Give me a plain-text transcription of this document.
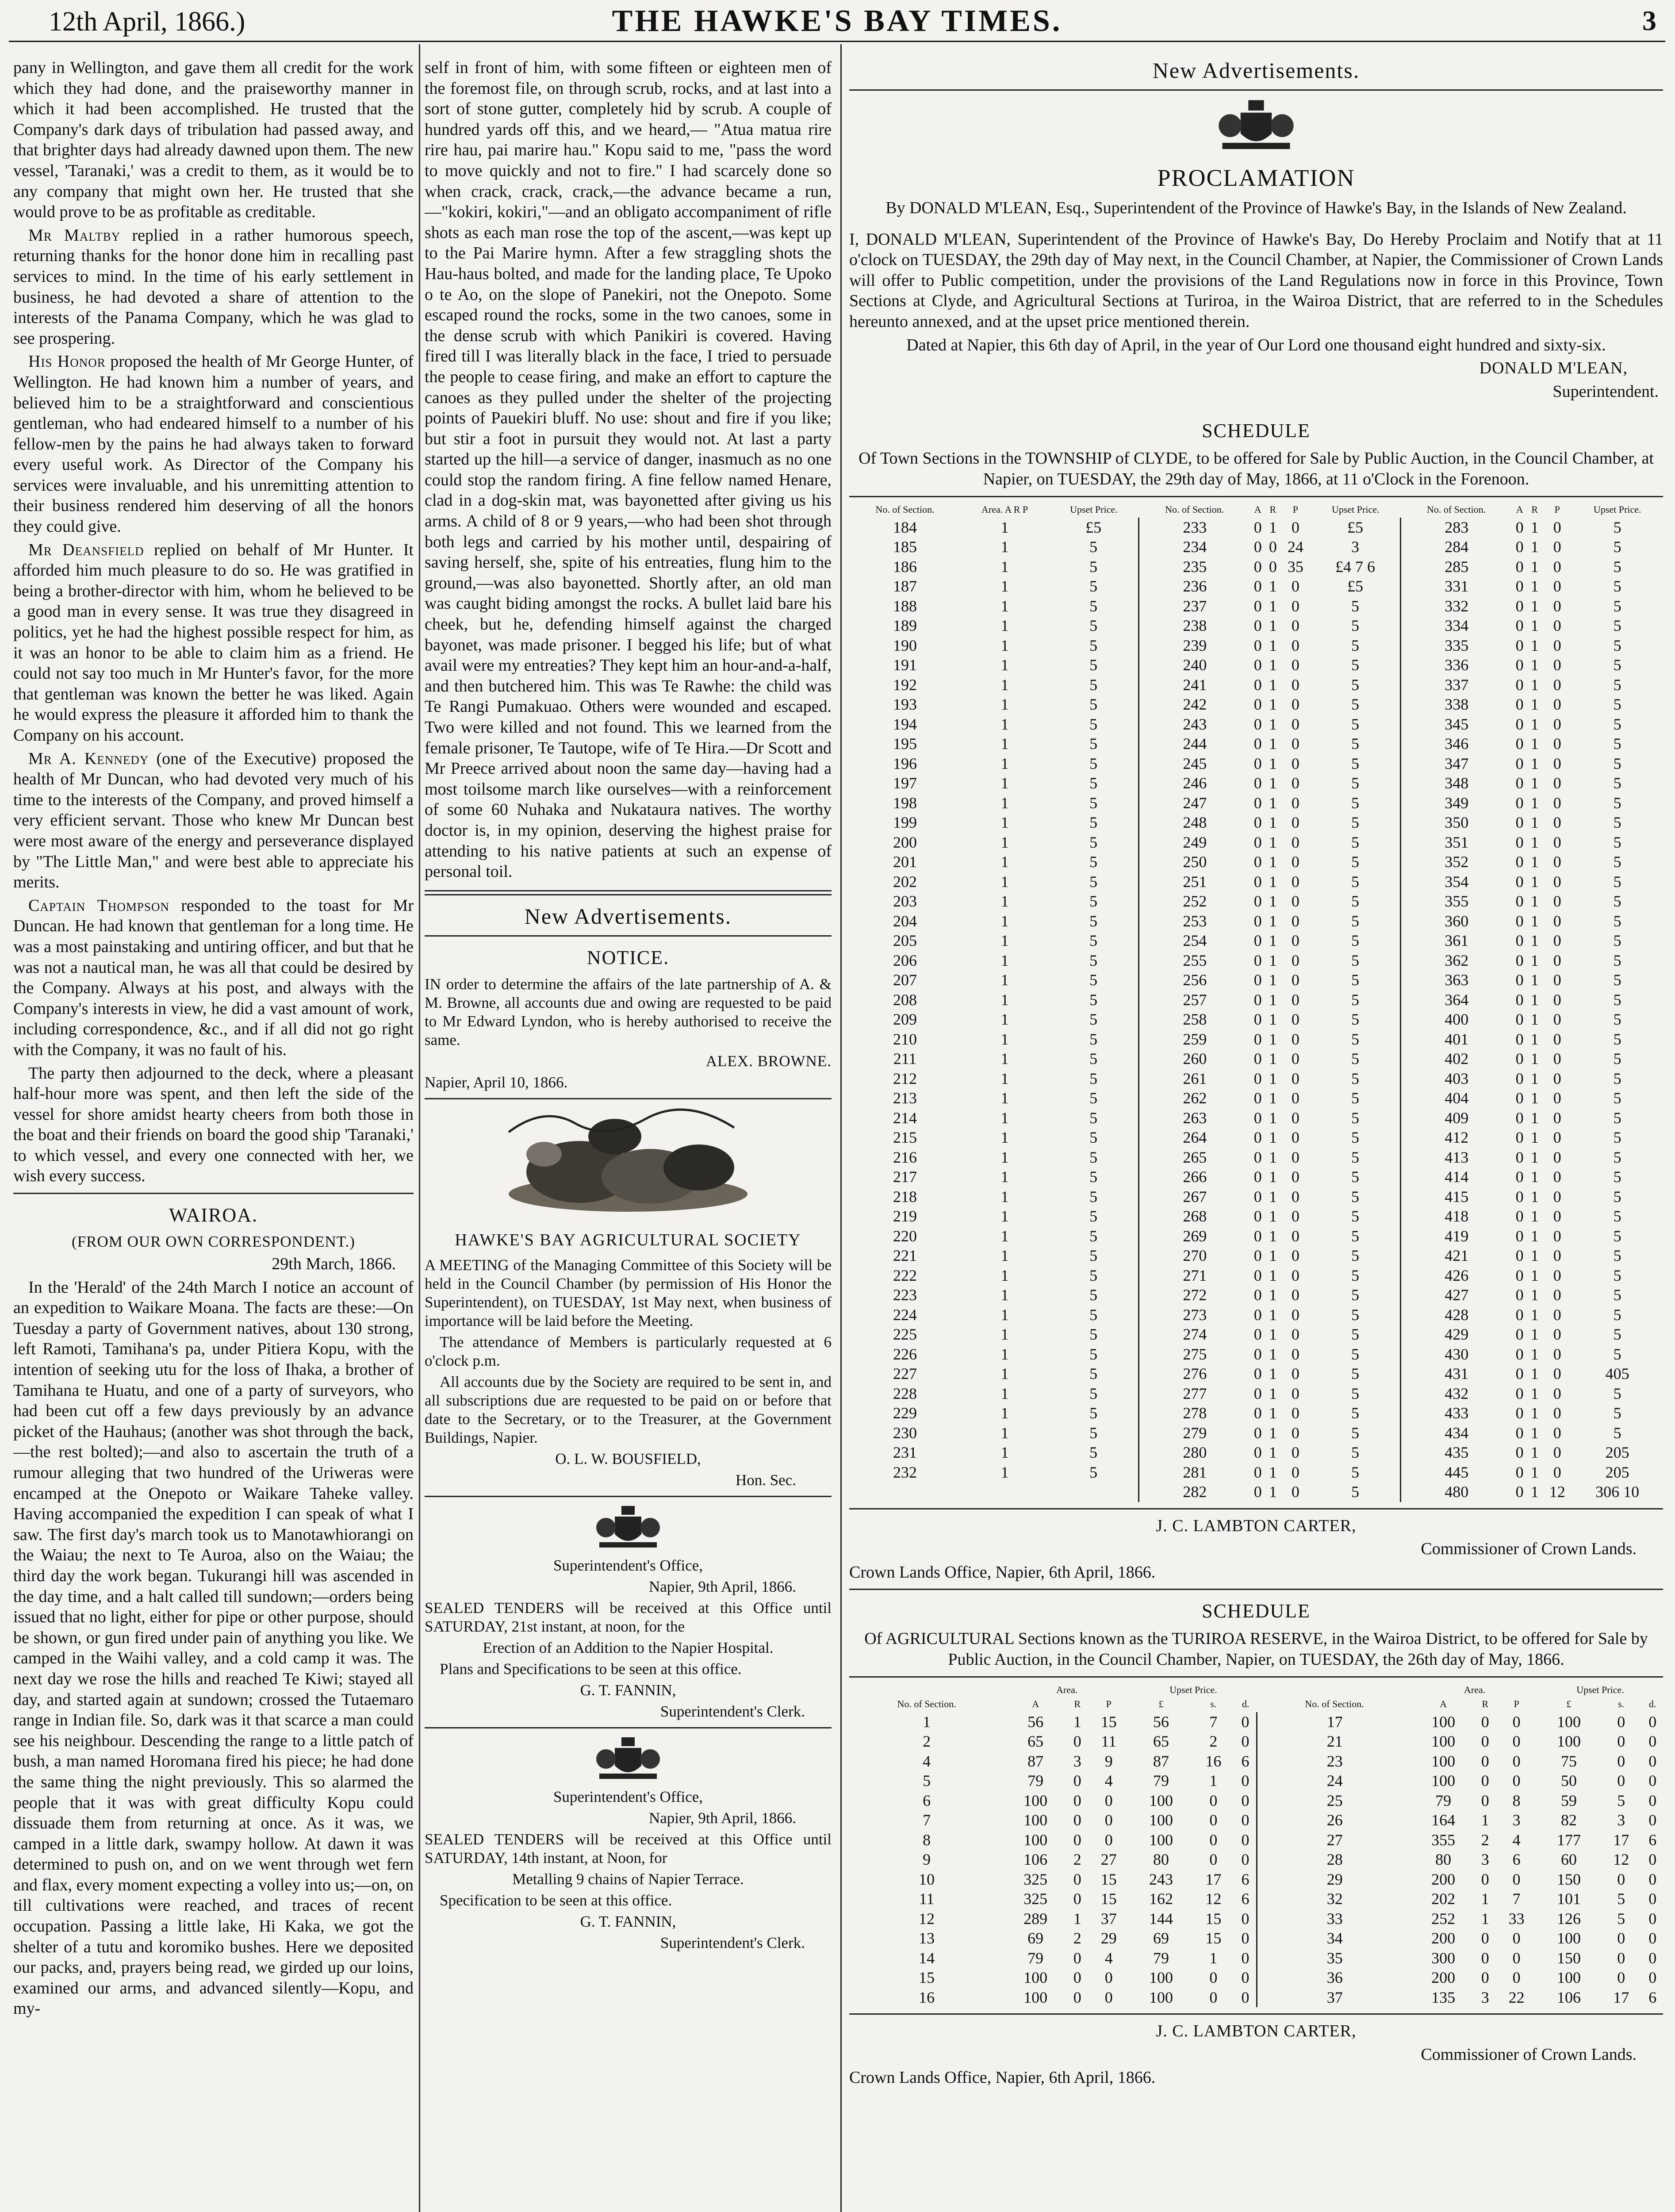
12th April, 1866.)	THE HAWKE'S BAY TIMES.	3

pany in Wellington, and gave them all credit for the work which they had done, and the praiseworthy manner in which it had been accomplished. He trusted that the Company's dark days of tribulation had passed away, and that brighter days had already dawned upon them. The new vessel, 'Taranaki,' was a credit to them, as it would be to any company that might own her. He trusted that she would prove to be as profitable as creditable.

Mr Maltby replied in a rather humorous speech, returning thanks for the honor done him in recalling past services to mind. In the time of his early settlement in business, he had devoted a share of attention to the interests of the Panama Company, which he was glad to see prospering.

His Honor proposed the health of Mr George Hunter, of Wellington. He had known him a number of years, and believed him to be a straightforward and conscientious gentleman, who had endeared himself to a number of his fellow-men by the pains he had always taken to forward every useful work. As Director of the Company his services were invaluable, and his unremitting attention to their business rendered him deserving of all the honors they could give.

Mr Deansfield replied on behalf of Mr Hunter. It afforded him much pleasure to do so. He was gratified in being a brother-director with him, whom he believed to be a good man in every sense. It was true they disagreed in politics, yet he had the highest possible respect for him, as it was an honor to be able to claim him as a friend. He could not say too much in Mr Hunter's favor, for the more that gentleman was known the better he was liked. Again he would express the pleasure it afforded him to thank the Company on his account.

Mr A. Kennedy (one of the Executive) proposed the health of Mr Duncan, who had devoted very much of his time to the interests of the Company, and proved himself a very efficient servant. Those who knew Mr Duncan best were most aware of the energy and perseverance displayed by "The Little Man," and were best able to appreciate his merits.

Captain Thompson responded to the toast for Mr Duncan. He had known that gentleman for a long time. He was a most painstaking and untiring officer, and but that he was not a nautical man, he was all that could be desired by the Company. Always at his post, and always with the Company's interests in view, he did a vast amount of work, including correspondence, &c., and if all did not go right with the Company, it was no fault of his.

The party then adjourned to the deck, where a pleasant half-hour more was spent, and then left the side of the vessel for shore amidst hearty cheers from both those in the boat and their friends on board the good ship 'Taranaki,' to which vessel, and every one connected with her, we wish every success.

WAIROA.

(FROM OUR OWN CORRESPONDENT.)

29th March, 1866.

In the 'Herald' of the 24th March I notice an account of an expedition to Waikare Moana. The facts are these:—On Tuesday a party of Government natives, about 130 strong, left Ramoti, Tamihana's pa, under Pitiera Kopu, with the intention of seeking utu for the loss of Ihaka, a brother of Tamihana te Huatu, and one of a party of surveyors, who had been cut off a few days previously by an advance picket of the Hauhaus; (another was shot through the back,—the rest bolted);—and also to ascertain the truth of a rumour alleging that two hundred of the Uriweras were encamped at the Onepoto or Waikare Taheke valley. Having accompanied the expedition I can speak of what I saw. The first day's march took us to Manotawhiorangi on the Waiau; the next to Te Auroa, also on the Waiau; the third day the work began. Tukurangi hill was ascended in the day time, and a halt called till sundown;—orders being issued that no light, either for pipe or other purpose, should be shown, or gun fired under pain of anything you like. We camped in the Waihi valley, and a cold camp it was. The next day we rose the hills and reached Te Kiwi; stayed all day, and started again at sundown; crossed the Tutaemaro range in Indian file. So, dark was it that scarce a man could see his neighbour. Descending the range to a little patch of bush, a man named Horomana fired his piece; he had done the same thing the night previously. This so alarmed the people that it was with great difficulty Kopu could dissuade them from returning at once. As it was, we camped in a little dark, swampy hollow. At dawn it was determined to push on, and on we went through wet fern and flax, every moment expecting a volley into us;—on, on till cultivations were reached, and traces of recent occupation. Passing a little lake, Hi Kaka, we got the shelter of a tutu and koromiko bushes. Here we deposited our packs, and, prayers being read, we girded up our loins, examined our arms, and advanced silently—Kopu, and my-

self in front of him, with some fifteen or eighteen men of the foremost file, on through scrub, rocks, and at last into a sort of stone gutter, completely hid by scrub. A couple of hundred yards off this, and we heard,— "Atua matua rire rire hau, pai marire hau." Kopu said to me, "pass the word to move quickly and not to fire." I had scarcely done so when crack, crack, crack,—the advance became a run,—"kokiri, kokiri,"—and an obligato accompaniment of rifle shots as each man rose the top of the ascent,—was kept up to the Pai Marire hymn. After a few straggling shots the Hau-haus bolted, and made for the landing place, Te Upoko o te Ao, on the slope of Panekiri, not the Onepoto. Some escaped round the rocks, some in the two canoes, some in the dense scrub with which Panikiri is covered. Having fired till I was literally black in the face, I tried to persuade the people to cease firing, and make an effort to capture the canoes as they pulled under the shelter of the projecting points of Pauekiri bluff. No use: shout and fire if you like; but stir a foot in pursuit they would not. At last a party started up the hill—a service of danger, inasmuch as no one could stop the random firing. A fine fellow named Henare, clad in a dog-skin mat, was bayonetted after giving us his arms. A child of 8 or 9 years,—who had been shot through both legs and carried by his mother until, despairing of saving herself, she, spite of his entreaties, flung him to the ground,—was also bayonetted. Shortly after, an old man was caught biding amongst the rocks. A bullet laid bare his cheek, but he, defending himself against the charged bayonet, was made prisoner. I begged his life; but of what avail were my entreaties? They kept him an hour-and-a-half, and then butchered him. This was Te Rawhe: the child was Te Rangi Pumakuao. Others were wounded and escaped. Two were killed and not found. This we learned from the female prisoner, Te Tautope, wife of Te Hira.—Dr Scott and Mr Preece arrived about noon the same day—having had a most toilsome march like ourselves—with a reinforcement of some 60 Nuhaka and Nukataura natives. The worthy doctor is, in my opinion, deserving the highest praise for attending to his native patients at such an expense of personal toil.

New Advertisements.
NOTICE.

IN order to determine the affairs of the late partnership of A. & M. Browne, all accounts due and owing are requested to be paid to Mr Edward Lyndon, who is hereby authorised to receive the same.

ALEX. BROWNE.

Napier, April 10, 1866.

HAWKE'S BAY AGRICULTURAL SOCIETY

A MEETING of the Managing Committee of this Society will be held in the Council Chamber (by permission of His Honor the Superintendent), on TUESDAY, 1st May next, when business of importance will be laid before the Meeting.

The attendance of Members is particularly requested at 6 o'clock p.m.

All accounts due by the Society are required to be sent in, and all subscriptions due are requested to be paid on or before that date to the Secretary, or to the Treasurer, at the Government Buildings, Napier.

O. L. W. BOUSFIELD,

Hon. Sec.

Superintendent's Office,

Napier, 9th April, 1866.

SEALED TENDERS will be received at this Office until SATURDAY, 21st instant, at noon, for the

Erection of an Addition to the Napier Hospital.

Plans and Specifications to be seen at this office.

G. T. FANNIN,

Superintendent's Clerk.

Superintendent's Office,

Napier, 9th April, 1866.

SEALED TENDERS will be received at this Office until SATURDAY, 14th instant, at Noon, for

Metalling 9 chains of Napier Terrace.

Specification to be seen at this office.

G. T. FANNIN,

Superintendent's Clerk.

New Advertisements.
PROCLAMATION

By DONALD M'LEAN, Esq., Superintendent of the Province of Hawke's Bay, in the Islands of New Zealand.

I, DONALD M'LEAN, Superintendent of the Province of Hawke's Bay, Do Hereby Proclaim and Notify that at 11 o'clock on TUESDAY, the 29th day of May next, in the Council Chamber, at Napier, the Commissioner of Crown Lands will offer to Public competition, under the provisions of the Land Regulations now in force in this Province, Town Sections at Clyde, and Agricultural Sections at Turiroa, in the Wairoa District, that are referred to in the Schedules hereunto annexed, and at the upset price mentioned therein.

Dated at Napier, this 6th day of April, in the year of Our Lord one thousand eight hundred and sixty-six.

DONALD M'LEAN,

Superintendent.

SCHEDULE

Of Town Sections in the TOWNSHIP of CLYDE, to be offered for Sale by Public Auction, in the Council Chamber, at Napier, on TUESDAY, the 29th day of May, 1866, at 11 o'Clock in the Forenoon.

No. of Section.	Area. A R P	Upset Price.	No. of Section.	A	R	P	Upset Price.	No. of Section.	A	R	P	Upset Price.
184	1	£5	233	0	1	0	£5	283	0	1	0	5
185	1	5	234	0	0	24	3	284	0	1	0	5
186	1	5	235	0	0	35	£4 7 6	285	0	1	0	5
187	1	5	236	0	1	0	£5	331	0	1	0	5
188	1	5	237	0	1	0	5	332	0	1	0	5
189	1	5	238	0	1	0	5	334	0	1	0	5
190	1	5	239	0	1	0	5	335	0	1	0	5
191	1	5	240	0	1	0	5	336	0	1	0	5
192	1	5	241	0	1	0	5	337	0	1	0	5
193	1	5	242	0	1	0	5	338	0	1	0	5
194	1	5	243	0	1	0	5	345	0	1	0	5
195	1	5	244	0	1	0	5	346	0	1	0	5
196	1	5	245	0	1	0	5	347	0	1	0	5
197	1	5	246	0	1	0	5	348	0	1	0	5
198	1	5	247	0	1	0	5	349	0	1	0	5
199	1	5	248	0	1	0	5	350	0	1	0	5
200	1	5	249	0	1	0	5	351	0	1	0	5
201	1	5	250	0	1	0	5	352	0	1	0	5
202	1	5	251	0	1	0	5	354	0	1	0	5
203	1	5	252	0	1	0	5	355	0	1	0	5
204	1	5	253	0	1	0	5	360	0	1	0	5
205	1	5	254	0	1	0	5	361	0	1	0	5
206	1	5	255	0	1	0	5	362	0	1	0	5
207	1	5	256	0	1	0	5	363	0	1	0	5
208	1	5	257	0	1	0	5	364	0	1	0	5
209	1	5	258	0	1	0	5	400	0	1	0	5
210	1	5	259	0	1	0	5	401	0	1	0	5
211	1	5	260	0	1	0	5	402	0	1	0	5
212	1	5	261	0	1	0	5	403	0	1	0	5
213	1	5	262	0	1	0	5	404	0	1	0	5
214	1	5	263	0	1	0	5	409	0	1	0	5
215	1	5	264	0	1	0	5	412	0	1	0	5
216	1	5	265	0	1	0	5	413	0	1	0	5
217	1	5	266	0	1	0	5	414	0	1	0	5
218	1	5	267	0	1	0	5	415	0	1	0	5
219	1	5	268	0	1	0	5	418	0	1	0	5
220	1	5	269	0	1	0	5	419	0	1	0	5
221	1	5	270	0	1	0	5	421	0	1	0	5
222	1	5	271	0	1	0	5	426	0	1	0	5
223	1	5	272	0	1	0	5	427	0	1	0	5
224	1	5	273	0	1	0	5	428	0	1	0	5
225	1	5	274	0	1	0	5	429	0	1	0	5
226	1	5	275	0	1	0	5	430	0	1	0	5
227	1	5	276	0	1	0	5	431	0	1	0	405
228	1	5	277	0	1	0	5	432	0	1	0	5
229	1	5	278	0	1	0	5	433	0	1	0	5
230	1	5	279	0	1	0	5	434	0	1	0	5
231	1	5	280	0	1	0	5	435	0	1	0	205
232	1	5	281	0	1	0	5	445	0	1	0	205
			282	0	1	0	5	480	0	1	12	306 10

J. C. LAMBTON CARTER,

Commissioner of Crown Lands.

Crown Lands Office, Napier, 6th April, 1866.

SCHEDULE

Of AGRICULTURAL Sections known as the TURIROA RESERVE, in the Wairoa District, to be offered for Sale by Public Auction, in the Council Chamber, Napier, on TUESDAY, the 26th day of May, 1866.

	Area.			Upset Price.				Area.			Upset Price.		
No. of Section.	A	R	P	£	s.	d.	No. of Section.	A	R	P	£	s.	d.
1	56	1	15	56	7	0	17	100	0	0	100	0	0
2	65	0	11	65	2	0	21	100	0	0	100	0	0
4	87	3	9	87	16	6	23	100	0	0	75	0	0
5	79	0	4	79	1	0	24	100	0	0	50	0	0
6	100	0	0	100	0	0	25	79	0	8	59	5	0
7	100	0	0	100	0	0	26	164	1	3	82	3	0
8	100	0	0	100	0	0	27	355	2	4	177	17	6
9	106	2	27	80	0	0	28	80	3	6	60	12	0
10	325	0	15	243	17	6	29	200	0	0	150	0	0
11	325	0	15	162	12	6	32	202	1	7	101	5	0
12	289	1	37	144	15	0	33	252	1	33	126	5	0
13	69	2	29	69	15	0	34	200	0	0	100	0	0
14	79	0	4	79	1	0	35	300	0	0	150	0	0
15	100	0	0	100	0	0	36	200	0	0	100	0	0
16	100	0	0	100	0	0	37	135	3	22	106	17	6

J. C. LAMBTON CARTER,

Commissioner of Crown Lands.

Crown Lands Office, Napier, 6th April, 1866.
